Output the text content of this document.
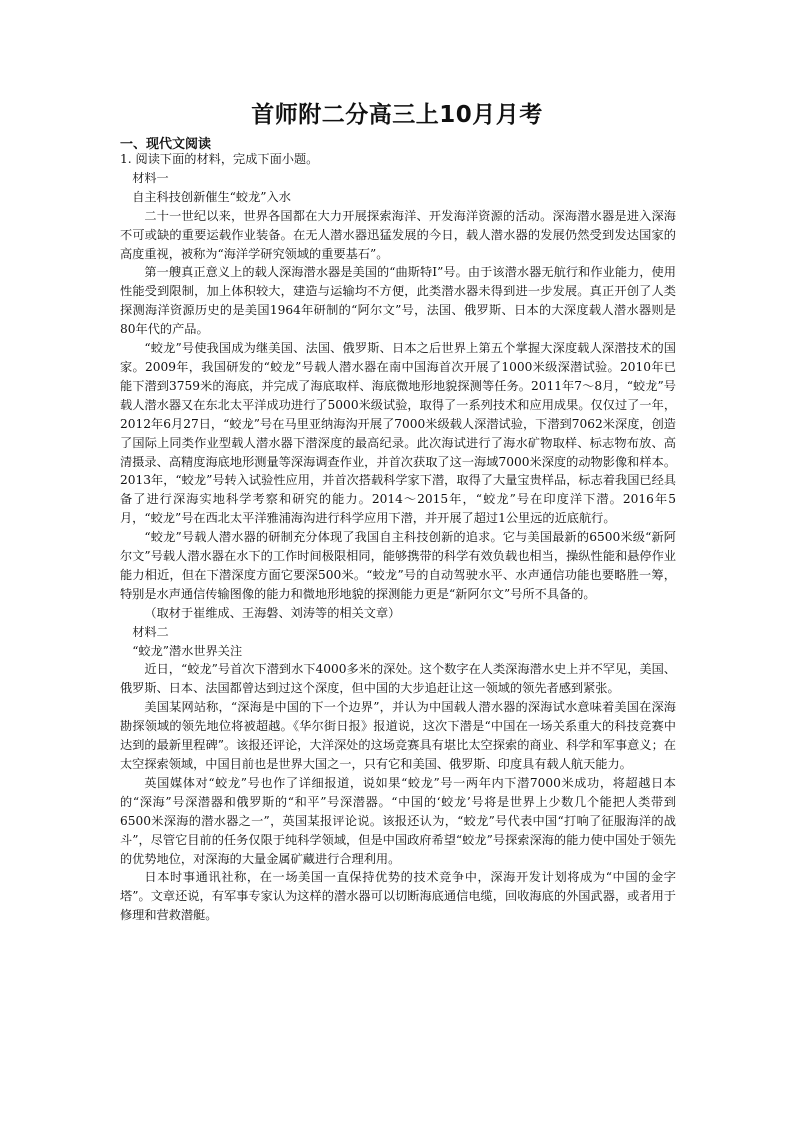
首师附二分高三上10月月考
一、现代文阅读

1. 阅读下面的材料，完成下面小题。

材料一

自主科技创新催生“蛟龙”入水

二十一世纪以来，世界各国都在大力开展探索海洋、开发海洋资源的活动。深海潜水器是进入深海不可或缺的重要运载作业装备。在无人潜水器迅猛发展的今日，载人潜水器的发展仍然受到发达国家的高度重视，被称为“海洋学研究领域的重要基石”。

第一艘真正意义上的载人深海潜水器是美国的“曲斯特Ⅰ”号。由于该潜水器无航行和作业能力，使用性能受到限制，加上体积较大，建造与运输均不方便，此类潜水器未得到进一步发展。真正开创了人类探测海洋资源历史的是美国1964年研制的“阿尔文”号，法国、俄罗斯、日本的大深度载人潜水器则是80年代的产品。

“蛟龙”号使我国成为继美国、法国、俄罗斯、日本之后世界上第五个掌握大深度载人深潜技术的国家。2009年，我国研发的“蛟龙”号载人潜水器在南中国海首次开展了1000米级深潜试验。2010年已能下潜到3759米的海底，并完成了海底取样、海底微地形地貌探测等任务。2011年7～8月，“蛟龙”号载人潜水器又在东北太平洋成功进行了5000米级试验，取得了一系列技术和应用成果。仅仅过了一年，2012年6月27日，“蛟龙”号在马里亚纳海沟开展了7000米级载人深潜试验，下潜到7062米深度，创造了国际上同类作业型载人潜水器下潜深度的最高纪录。此次海试进行了海水矿物取样、标志物布放、高清摄录、高精度海底地形测量等深海调查作业，并首次获取了这一海域7000米深度的动物影像和样本。2013年，“蛟龙”号转入试验性应用，并首次搭载科学家下潜，取得了大量宝贵样品，标志着我国已经具备了进行深海实地科学考察和研究的能力。2014～2015年，“蛟龙”号在印度洋下潜。2016年5月，“蛟龙”号在西北太平洋雅浦海沟进行科学应用下潜，并开展了超过1公里远的近底航行。

“蛟龙”号载人潜水器的研制充分体现了我国自主科技创新的追求。它与美国最新的6500米级“新阿尔文”号载人潜水器在水下的工作时间极限相同，能够携带的科学有效负载也相当，操纵性能和悬停作业能力相近，但在下潜深度方面它要深500米。“蛟龙”号的自动驾驶水平、水声通信功能也要略胜一筹，特别是水声通信传输图像的能力和微地形地貌的探测能力更是“新阿尔文”号所不具备的。

（取材于崔维成、王海磐、刘涛等的相关文章）

材料二

“蛟龙”潜水世界关注

近日，“蛟龙”号首次下潜到水下4000多米的深处。这个数字在人类深海潜水史上并不罕见，美国、俄罗斯、日本、法国都曾达到过这个深度，但中国的大步追赶让这一领域的领先者感到紧张。

美国某网站称，“深海是中国的下一个边界”，并认为中国载人潜水器的深海试水意味着美国在深海勘探领域的领先地位将被超越。《华尔街日报》报道说，这次下潜是“中国在一场关系重大的科技竞赛中达到的最新里程碑”。该报还评论，大洋深处的这场竞赛具有堪比太空探索的商业、科学和军事意义；在太空探索领域，中国目前也是世界大国之一，只有它和美国、俄罗斯、印度具有载人航天能力。

英国媒体对“蛟龙”号也作了详细报道，说如果“蛟龙”号一两年内下潜7000米成功，将超越日本的“深海”号深潜器和俄罗斯的“和平”号深潜器。“中国的‘蛟龙’号将是世界上少数几个能把人类带到6500米深海的潜水器之一”，英国某报评论说。该报还认为，“蛟龙”号代表中国“打响了征服海洋的战斗”，尽管它目前的任务仅限于纯科学领域，但是中国政府希望“蛟龙”号探索深海的能力使中国处于领先的优势地位，对深海的大量金属矿藏进行合理利用。

日本时事通讯社称，在一场美国一直保持优势的技术竞争中，深海开发计划将成为“中国的金字塔”。文章还说，有军事专家认为这样的潜水器可以切断海底通信电缆，回收海底的外国武器，或者用于修理和营救潜艇。
